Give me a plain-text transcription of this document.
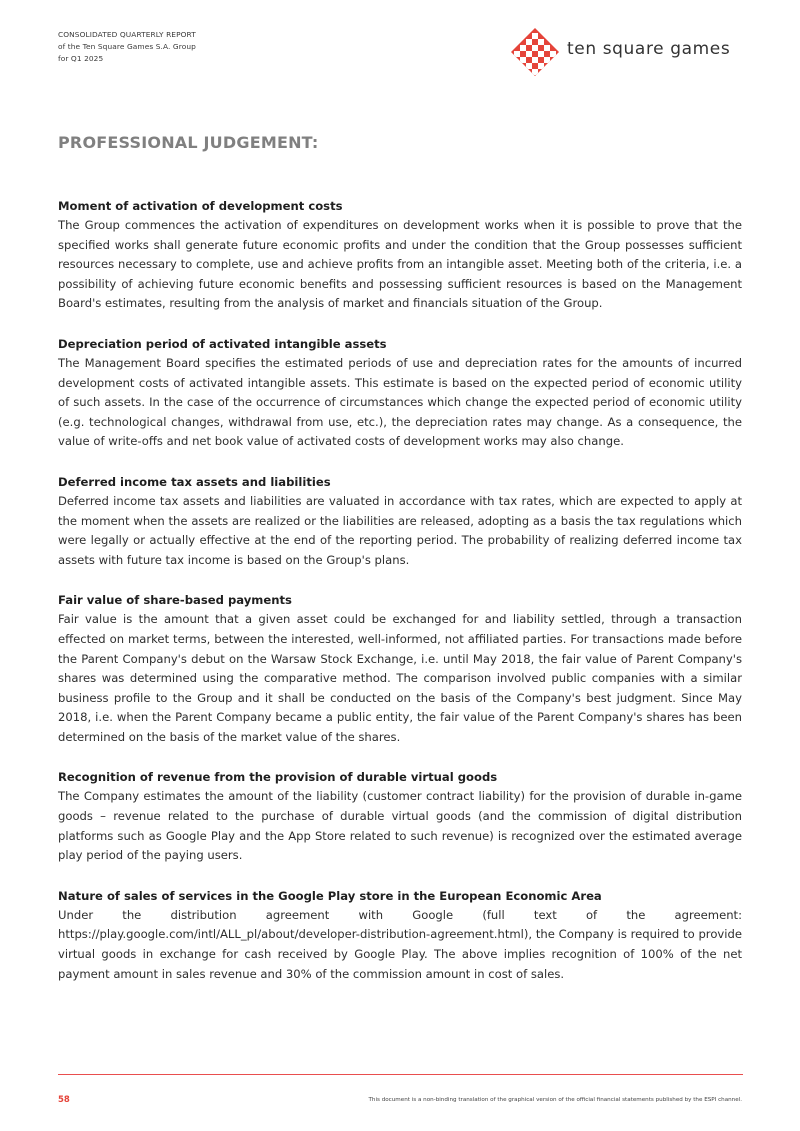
CONSOLIDATED QUARTERLY REPORT
of the Ten Square Games S.A. Group
for Q1 2025	ten square games
PROFESSIONAL JUDGEMENT:
Moment of activation of development costs

The Group commences the activation of expenditures on development works when it is possible to prove that the specified works shall generate future economic profits and under the condition that the Group possesses sufficient resources necessary to complete, use and achieve profits from an intangible asset. Meeting both of the criteria, i.e. a possibility of achieving future economic benefits and possessing sufficient resources is based on the Management Board's estimates, resulting from the analysis of market and financials situation of the Group.

Depreciation period of activated intangible assets

The Management Board specifies the estimated periods of use and depreciation rates for the amounts of incurred development costs of activated intangible assets. This estimate is based on the expected period of economic utility of such assets. In the case of the occurrence of circumstances which change the expected period of economic utility (e.g. technological changes, withdrawal from use, etc.), the depreciation rates may change. As a consequence, the value of write-offs and net book value of activated costs of development works may also change.

Deferred income tax assets and liabilities

Deferred income tax assets and liabilities are valuated in accordance with tax rates, which are expected to apply at the moment when the assets are realized or the liabilities are released, adopting as a basis the tax regulations which were legally or actually effective at the end of the reporting period. The probability of realizing deferred income tax assets with future tax income is based on the Group's plans.

Fair value of share-based payments

Fair value is the amount that a given asset could be exchanged for and liability settled, through a transaction effected on market terms, between the interested, well-informed, not affiliated parties. For transactions made before the Parent Company's debut on the Warsaw Stock Exchange, i.e. until May 2018, the fair value of Parent Company's shares was determined using the comparative method. The comparison involved public companies with a similar business profile to the Group and it shall be conducted on the basis of the Company's best judgment. Since May 2018, i.e. when the Parent Company became a public entity, the fair value of the Parent Company's shares has been determined on the basis of the market value of the shares.

Recognition of revenue from the provision of durable virtual goods

The Company estimates the amount of the liability (customer contract liability) for the provision of durable in-game goods – revenue related to the purchase of durable virtual goods (and the commission of digital distribution platforms such as Google Play and the App Store related to such revenue) is recognized over the estimated average play period of the paying users.

Nature of sales of services in the Google Play store in the European Economic Area

Under the distribution agreement with Google (full text of the agreement: https://play.google.com/intl/ALL_pl/about/developer-distribution-agreement.html), the Company is required to provide virtual goods in exchange for cash received by Google Play. The above implies recognition of 100% of the net payment amount in sales revenue and 30% of the commission amount in cost of sales.

58	This document is a non-binding translation of the graphical version of the official financial statements published by the ESPI channel.
